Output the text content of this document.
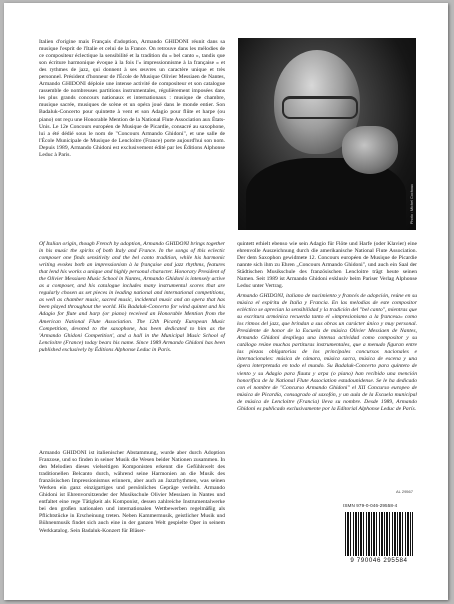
Italien d'origine mais Français d'adoption, Armando GHIDONI réunit dans sa musique l'esprit de l'Italie et celui de la France. On retrouve dans les mélodies de ce compositeur éclectique la sensibilité et la tradition du « bel canto », tandis que son écriture harmonique évoque à la fois l'« impressionnisme à la française » et des rythmes de jazz, qui donnent à ses œuvres un caractère unique et très personnel. Président d'honneur de l'École de Musique Olivier Messiaen de Nantes, Armando GHIDONI déploie une intense activité de compositeur et son catalogue rassemble de nombreuses partitions instrumentales, régulièrement imposées dans les plus grands concours nationaux et internationaux : musique de chambre, musique sacrée, musiques de scène et un opéra joué dans le monde entier. Son Badaluk-Concerto pour quintette à vent et son Adagio pour flûte et harpe (ou piano) ont reçu une Honorable Mention de la National Flute Association aux États-Unis. Le 12e Concours européen de Musique de Picardie, consacré au saxophone, lui a été dédié sous le nom de "Concours Armando Ghidoni", et une salle de l'École Municipale de Musique de Lencloitre (France) porte aujourd'hui son nom. Depuis 1989, Armando Ghidoni est exclusivement édité par les Éditions Alphonse Leduc à Paris.

Photo : Michel Cochoux

Of Italian origin, though French by adoption, Armando GHIDONI brings together in his music the spirits of both Italy and France. In the songs of this eclectic composer one finds sensitivity and the bel canto tradition, while his harmonic writing evokes both an impressionism à la française and jazz rhythms, features that lend his works a unique and highly personal character. Honorary President of the Olivier Messiaen Music School in Nantes, Armando Ghidoni is intensely active as a composer, and his catalogue includes many instrumental scores that are regularly chosen as set pieces in leading national and international competitions, as well as chamber music, sacred music, incidental music and an opera that has been played throughout the world. His Badaluk-Concerto for wind quintet and his Adagio for flute and harp (or piano) received an Honorable Mention from the American National Flute Association. The 12th Picardy European Music Competition, devoted to the saxophone, has been dedicated to him as the 'Armando Ghidoni Competition', and a hall in the Municipal Music School of Lencloitre (France) today bears his name. Since 1989 Armando Ghidoni has been published exclusively by Éditions Alphonse Leduc in Paris.

Armando GHIDONI ist italienischer Abstammung, wurde aber durch Adoption Franzose, und so finden in seiner Musik die Wesen beider Nationen zusammen. In den Melodien dieses vielseitigen Komponisten erkennt die Gefühlswelt des traditionellen Belcanto durch, während seine Harmonien an die Musik des französischen Impressionismus erinnern, aber auch an Jazzrhythmen, was seinen Werken ein ganz einzigartiges und persönliches Gepräge verleiht. Armando Ghidoni ist Ehrenvorsitzender der Musikschule Olivier Messiaen in Nantes und entfaltet eine rege Tätigkeit als Komponist, dessen zahlreiche Instrumentalwerke bei den großen nationalen und internationalen Wettbewerben regelmäßig als Pflichtstücke in Erscheinung treten. Neben Kammermusik, geistlicher Musik und Bühnenmusik findet sich auch eine in der ganzen Welt gespielte Oper in seinem Werkkatalog. Sein Badaluk-Konzert für Bläser-

quintett erhielt ebenso wie sein Adagio für Flöte und Harfe (oder Klavier) eine ehrenvolle Auszeichnung durch die amerikanische National Flute Association. Der dem Saxophon gewidmete 12. Concours européen de Musique de Picardie nannte sich ihm zu Ehren „Concours Armando Ghidoni", und auch ein Saal der Städtischen Musikschule des französischen Lencloitre trägt heute seinen Namen. Seit 1989 ist Armando Ghidoni exklusiv beim Pariser Verlag Alphonse Leduc unter Vertrag.

Armando GHIDONI, italiano de nacimiento y francés de adopción, reúne en su música el espíritu de Italia y Francia. En las melodías de este compositor ecléctico se aprecian la sensibilidad y la tradición del "bel canto", mientras que su escritura armónica recuerda tanto el «impresionismo a la francesa» como los ritmos del jazz, que brindan a sus obras un carácter único y muy personal. Presidente de honor de la Escuela de música Olivier Messiaen de Nantes, Armando Ghidoni despliega una intensa actividad como compositor y su catálogo reúne muchas partituras instrumentales, que a menudo figuran entre las piezas obligatorias de los principales concursos nacionales e internacionales: música de cámara, música sacra, música de escena y una ópera interpretada en todo el mundo. Su Badaluk-Concerto para quinteto de viento y su Adagio para flauta y arpa (o piano) han recibido una mención honorífica de la National Flute Association estadounidense. Se le ha dedicado con el nombre de "Concurso Armando Ghidoni" el XII Concurso europeo de música de Picardía, consagrado al saxofón, y un aula de la Escuela municipal de música de Lencloitre (Francia) lleva su nombre. Desde 1989, Armando Ghidoni es publicado exclusivamente por la Editorial Alphonse Leduc de París.

AL 29567
ISMN 979-0-046-29558-4
9 790046 295584
